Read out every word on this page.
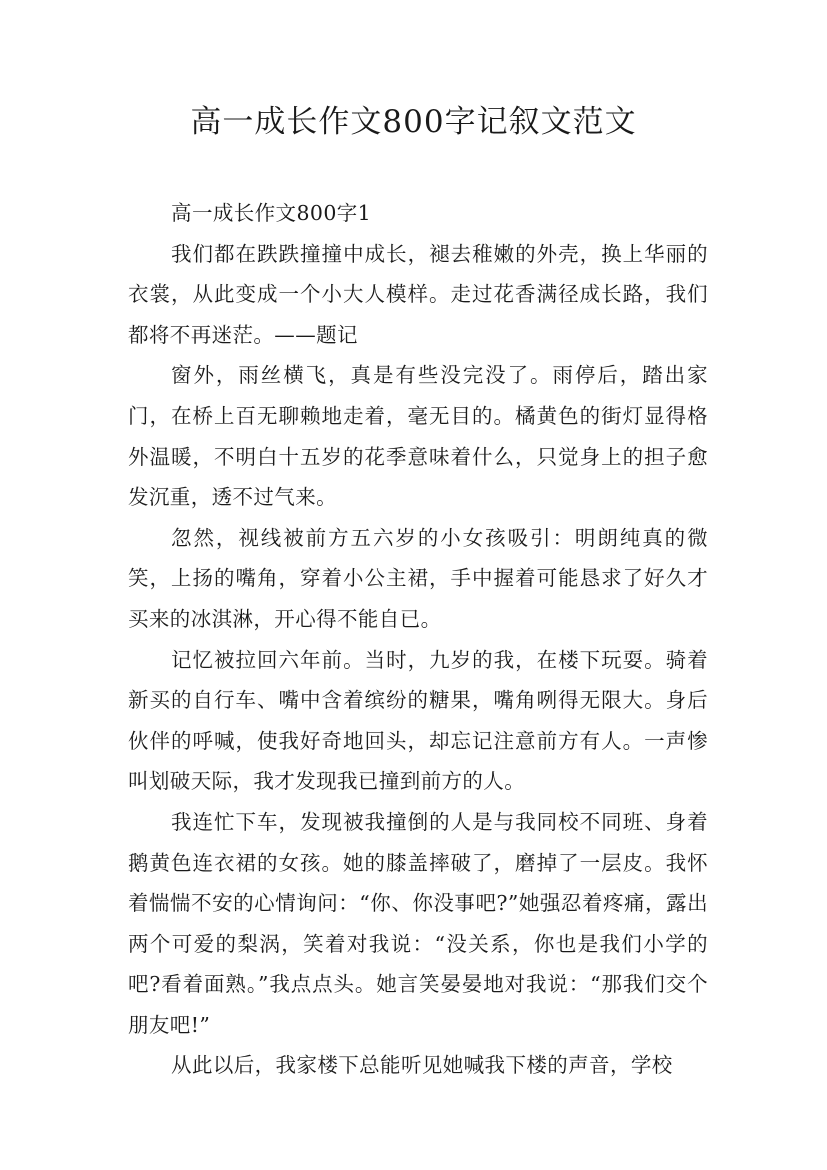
高一成长作文800字记叙文范文

高一成长作文800字1

我们都在跌跌撞撞中成长，褪去稚嫩的外壳，换上华丽的衣裳，从此变成一个小大人模样。走过花香满径成长路，我们都将不再迷茫。——题记

窗外，雨丝横飞，真是有些没完没了。雨停后，踏出家门，在桥上百无聊赖地走着，毫无目的。橘黄色的街灯显得格外温暖，不明白十五岁的花季意味着什么，只觉身上的担子愈发沉重，透不过气来。

忽然，视线被前方五六岁的小女孩吸引：明朗纯真的微笑，上扬的嘴角，穿着小公主裙，手中握着可能恳求了好久才买来的冰淇淋，开心得不能自已。

记忆被拉回六年前。当时，九岁的我，在楼下玩耍。骑着新买的自行车、嘴中含着缤纷的糖果，嘴角咧得无限大。身后伙伴的呼喊，使我好奇地回头，却忘记注意前方有人。一声惨叫划破天际，我才发现我已撞到前方的人。

我连忙下车，发现被我撞倒的人是与我同校不同班、身着鹅黄色连衣裙的女孩。她的膝盖摔破了，磨掉了一层皮。我怀着惴惴不安的心情询问：“你、你没事吧?”她强忍着疼痛，露出两个可爱的梨涡，笑着对我说：“没关系，你也是我们小学的吧?看着面熟。”我点点头。她言笑晏晏地对我说：“那我们交个朋友吧!”

从此以后，我家楼下总能听见她喊我下楼的声音，学校
